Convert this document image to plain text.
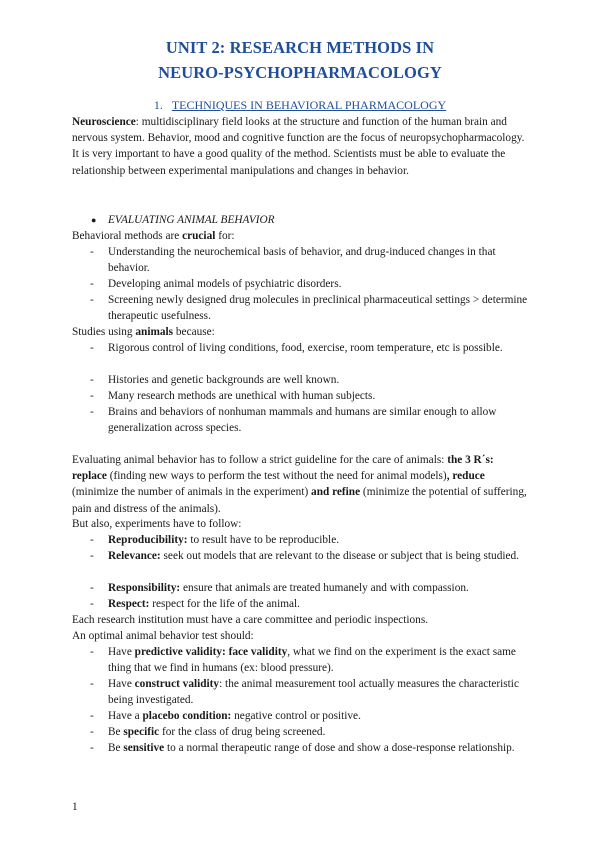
UNIT 2: RESEARCH METHODS IN
NEURO-PSYCHOPHARMACOLOGY
1. TECHNIQUES IN BEHAVIORAL PHARMACOLOGY

Neuroscience: multidisciplinary field looks at the structure and function of the human brain and nervous system. Behavior, mood and cognitive function are the focus of neuropsychopharmacology. It is very important to have a good quality of the method. Scientists must be able to evaluate the relationship between experimental manipulations and changes in behavior.

● EVALUATING ANIMAL BEHAVIOR

Behavioral methods are crucial for:

- Understanding the neurochemical basis of behavior, and drug-induced changes in that behavior.
- Developing animal models of psychiatric disorders.
- Screening newly designed drug molecules in preclinical pharmaceutical settings > determine therapeutic usefulness.

Studies using animals because:

- Rigorous control of living conditions, food, exercise, room temperature, etc is possible.
- Histories and genetic backgrounds are well known.
- Many research methods are unethical with human subjects.
- Brains and behaviors of nonhuman mammals and humans are similar enough to allow generalization across species.

Evaluating animal behavior has to follow a strict guideline for the care of animals: the 3 R´s: replace (finding new ways to perform the test without the need for animal models), reduce (minimize the number of animals in the experiment) and refine (minimize the potential of suffering, pain and distress of the animals).

But also, experiments have to follow:

- Reproducibility: to result have to be reproducible.
- Relevance: seek out models that are relevant to the disease or subject that is being studied.
- Responsibility: ensure that animals are treated humanely and with compassion.
- Respect: respect for the life of the animal.

Each research institution must have a care committee and periodic inspections.

An optimal animal behavior test should:

- Have predictive validity: face validity, what we find on the experiment is the exact same thing that we find in humans (ex: blood pressure).
- Have construct validity: the animal measurement tool actually measures the characteristic being investigated.
- Have a placebo condition: negative control or positive.
- Be specific for the class of drug being screened.
- Be sensitive to a normal therapeutic range of dose and show a dose-response relationship.
1
